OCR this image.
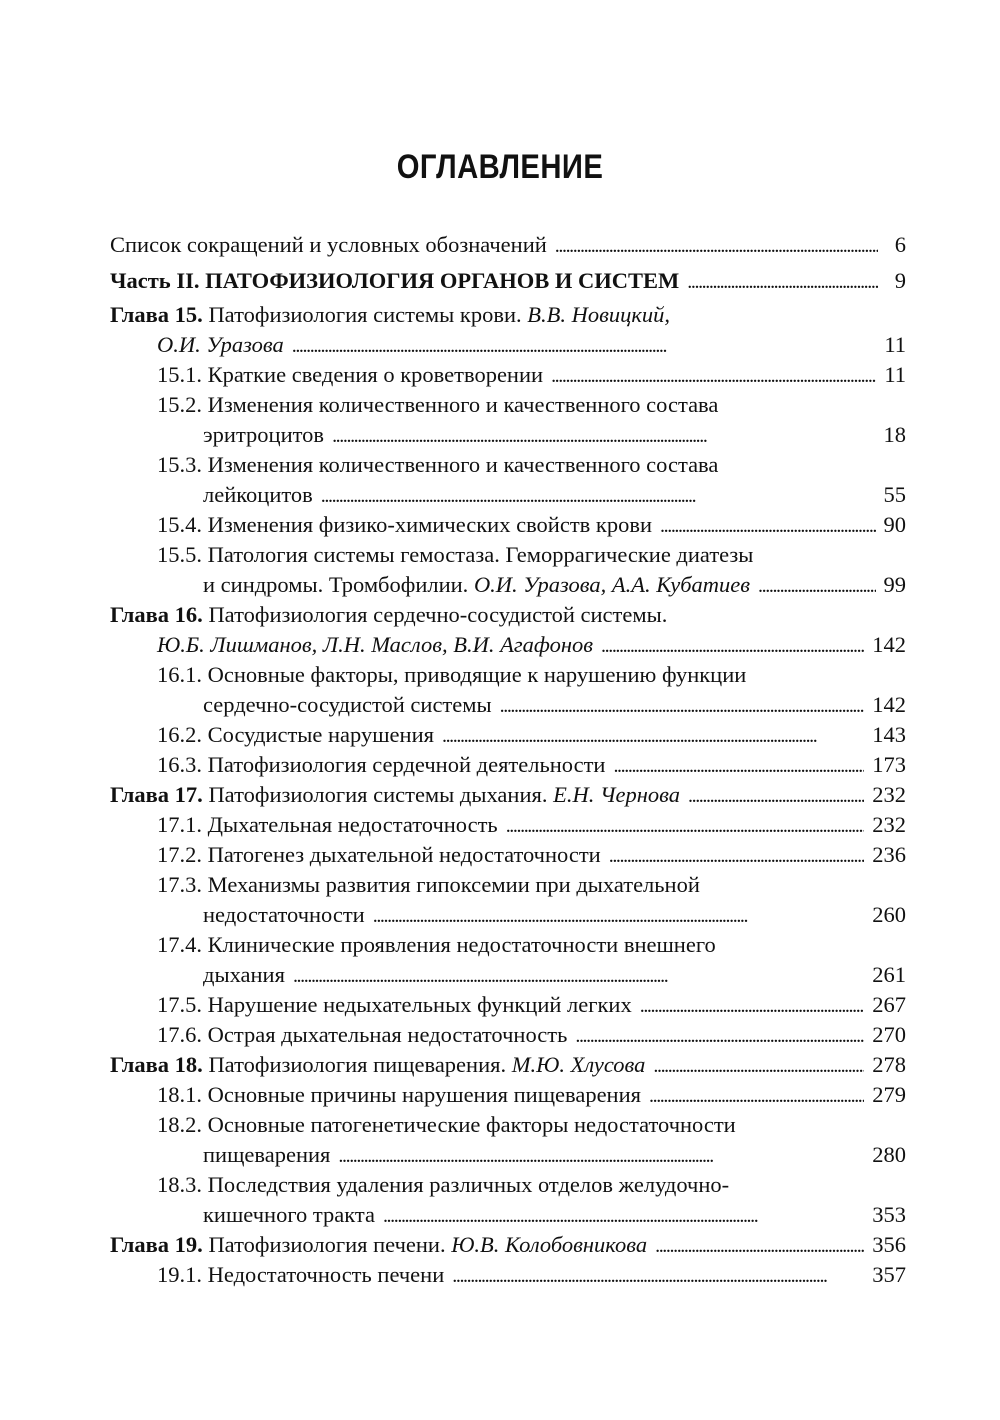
ОГЛАВЛЕНИЕ
Список сокращений и условных обозначений . . .	6
Часть II. ПАТОФИЗИОЛОГИЯ ОРГАНОВ И СИСТЕМ . . .	9
Глава 15.
Патофизиология системы крови.
В.В. Новицкий,
О.И. Уразова . . .	11
15.1. Краткие сведения о кроветворении . . .	11
15.2. Изменения количественного и качественного состава
эритроцитов . . .	18
15.3. Изменения количественного и качественного состава
лейкоцитов . . .	55
15.4. Изменения физико-химических свойств крови . . .	90
15.5. Патология системы гемостаза. Геморрагические диатезы
и синдромы. Тромбофилии.
О.И. Уразова, А.А. Кубатиев . . .	99
Глава 16.
Патофизиология сердечно-сосудистой системы.
Ю.Б. Лишманов, Л.Н. Маслов, В.И. Агафонов . . .	142
16.1. Основные факторы, приводящие к нарушению функции
сердечно-сосудистой системы . . .	142
16.2. Сосудистые нарушения . . .	143
16.3. Патофизиология сердечной деятельности . . .	173
Глава 17.
Патофизиология системы дыхания.
Е.Н. Чернова . . .	232
17.1. Дыхательная недостаточность . . .	232
17.2. Патогенез дыхательной недостаточности . . .	236
17.3. Механизмы развития гипоксемии при дыхательной
недостаточности . . .	260
17.4. Клинические проявления недостаточности внешнего
дыхания . . .	261
17.5. Нарушение недыхательных функций легких . . .	267
17.6. Острая дыхательная недостаточность . . .	270
Глава 18.
Патофизиология пищеварения.
М.Ю. Хлусова . . .	278
18.1. Основные причины нарушения пищеварения . . .	279
18.2. Основные патогенетические факторы недостаточности
пищеварения . . .	280
18.3. Последствия удаления различных отделов желудочно-
кишечного тракта . . .	353
Глава 19.
Патофизиология печени.
Ю.В. Колобовникова . . .	356
19.1. Недостаточность печени . . .	357
